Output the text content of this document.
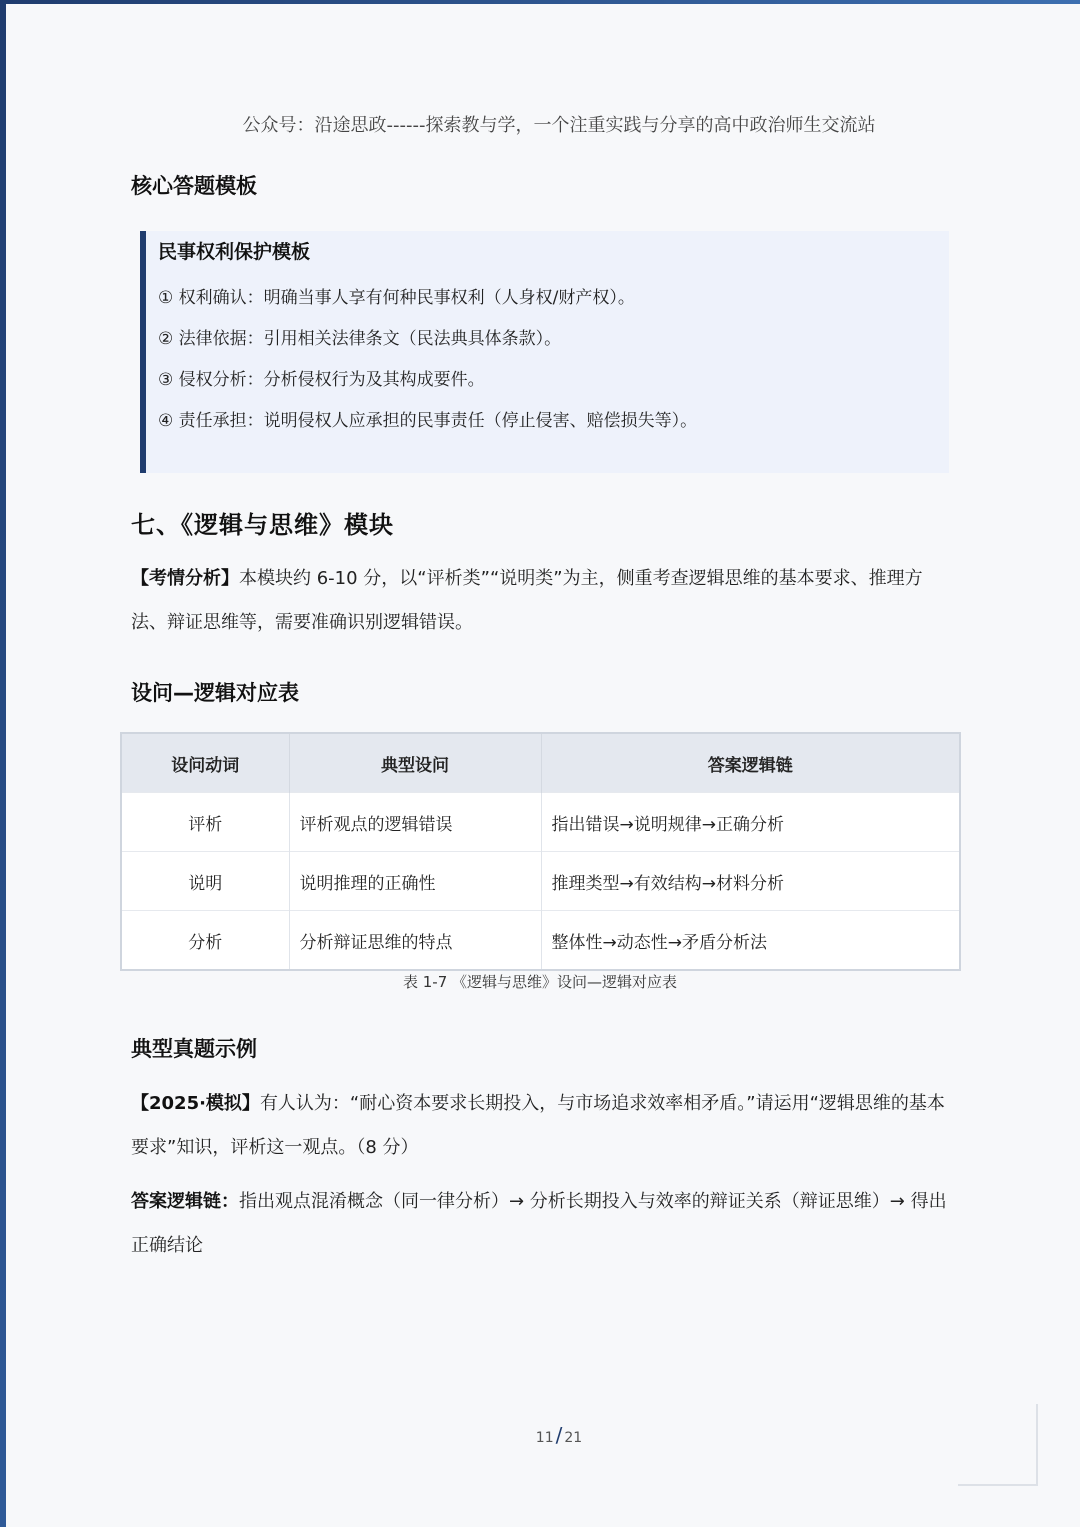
公众号：沿途思政------探索教与学，一个注重实践与分享的高中政治师生交流站
核心答题模板
民事权利保护模板
① 权利确认：明确当事人享有何种民事权利（人身权/财产权）。
② 法律依据：引用相关法律条文（民法典具体条款）。
③ 侵权分析：分析侵权行为及其构成要件。
④ 责任承担：说明侵权人应承担的民事责任（停止侵害、赔偿损失等）。
七、《逻辑与思维》模块
【考情分析】本模块约 6-10 分，以“评析类”“说明类”为主，侧重考查逻辑思维的基本要求、推理方法、辩证思维等，需要准确识别逻辑错误。
设问—逻辑对应表
设问动词	典型设问	答案逻辑链
评析	评析观点的逻辑错误	指出错误→说明规律→正确分析
说明	说明推理的正确性	推理类型→有效结构→材料分析
分析	分析辩证思维的特点	整体性→动态性→矛盾分析法
表 1-7 《逻辑与思维》设问—逻辑对应表
典型真题示例
【2025·模拟】有人认为：“耐心资本要求长期投入，与市场追求效率相矛盾。”请运用“逻辑思维的基本要求”知识，评析这一观点。（8 分）
答案逻辑链：指出观点混淆概念（同一律分析）→ 分析长期投入与效率的辩证关系（辩证思维）→ 得出正确结论
11 / 21
